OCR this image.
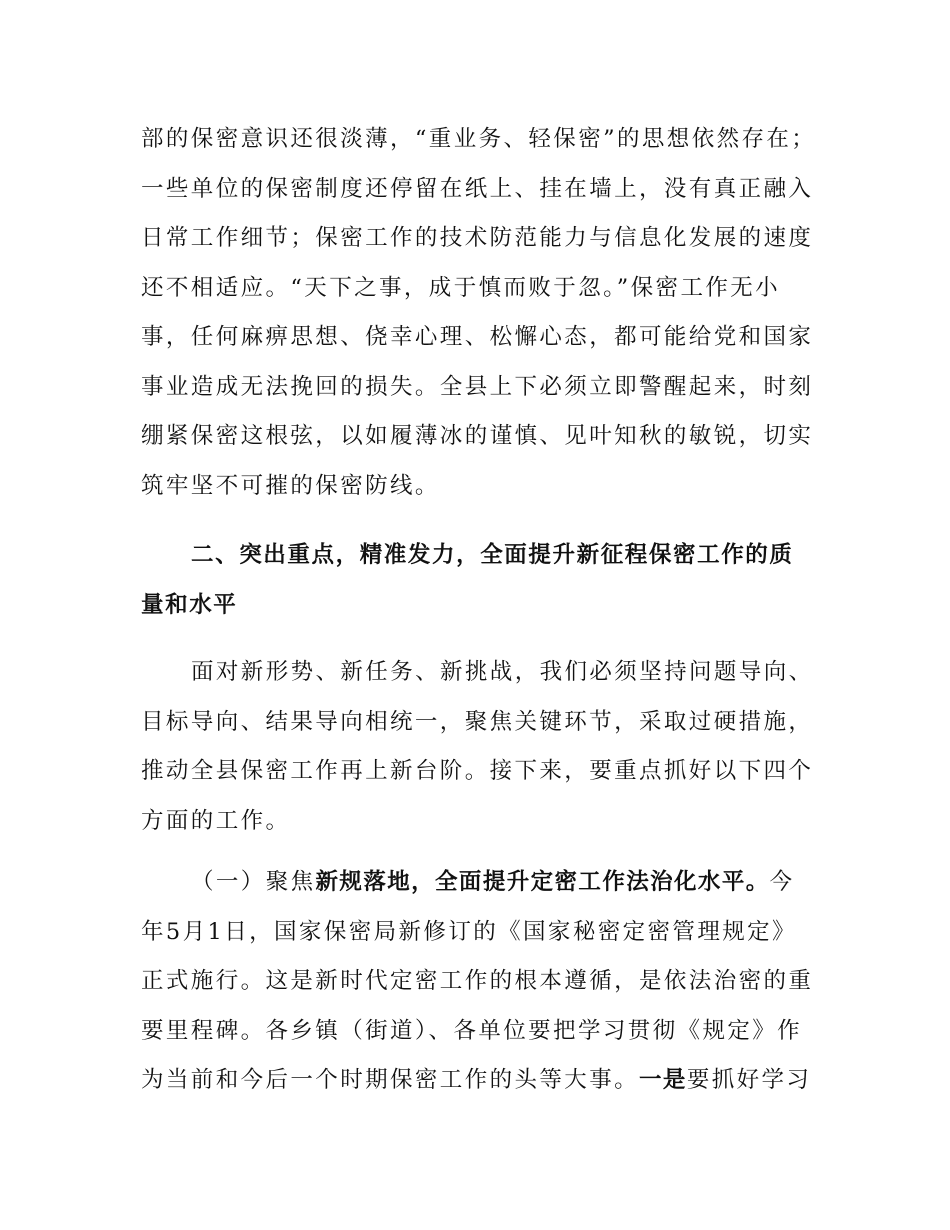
部的保密意识还很淡薄，“重业务、轻保密”的思想依然存在；
一些单位的保密制度还停留在纸上、挂在墙上，没有真正融入
日常工作细节；保密工作的技术防范能力与信息化发展的速度
还不相适应。“天下之事，成于慎而败于忽。”保密工作无小
事，任何麻痹思想、侥幸心理、松懈心态，都可能给党和国家
事业造成无法挽回的损失。全县上下必须立即警醒起来，时刻
绷紧保密这根弦，以如履薄冰的谨慎、见叶知秋的敏锐，切实
筑牢坚不可摧的保密防线。
二、突出重点，精准发力，全面提升新征程保密工作的质
量和水平
面对新形势、新任务、新挑战，我们必须坚持问题导向、
目标导向、结果导向相统一，聚焦关键环节，采取过硬措施，
推动全县保密工作再上新台阶。接下来，要重点抓好以下四个
方面的工作。
（一）聚焦新规落地，全面提升定密工作法治化水平。今
年5月1日，国家保密局新修订的《国家秘密定密管理规定》
正式施行。这是新时代定密工作的根本遵循，是依法治密的重
要里程碑。各乡镇（街道）、各单位要把学习贯彻《规定》作
为当前和今后一个时期保密工作的头等大事。一是要抓好学习
